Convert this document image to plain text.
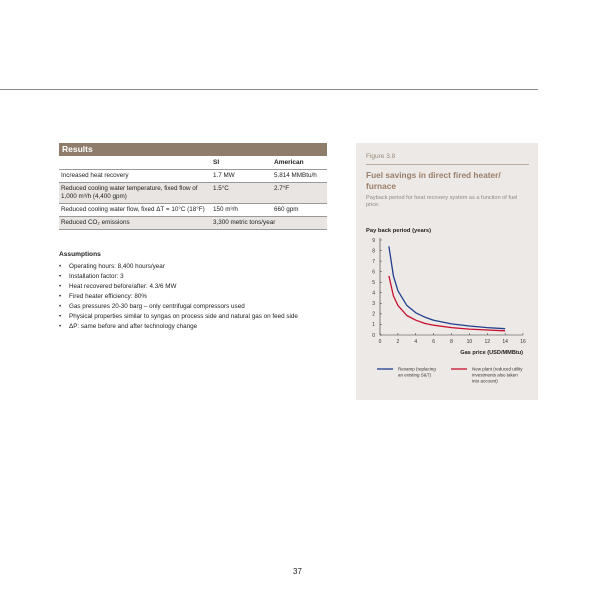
Results
	SI	American
Increased heat recovery	1.7 MW	5.814 MMBtu/h
Reduced cooling water temperature, fixed flow of 1,000 m³/h (4,400 gpm)	1.5°C	2.7°F
Reduced cooling water flow, fixed ΔT = 10°C (18°F)	150 m³/h	660 gpm
Reduced CO₂ emissions	3,300 metric tons/year	
Assumptions
• Operating hours: 8,400 hours/year
• Installation factor: 3
• Heat recovered before/after: 4.3/6 MW
• Fired heater efficiency: 80%
• Gas pressures 20-30 barg – only centrifugal compressors used
• Physical properties similar to syngas on process side and natural gas on feed side
• ΔP: same before and after technology change
Figure 3.8
Fuel savings in direct fired heater/ furnace
Payback period for heat recovery system as a function of fuel price.
Pay back period (years)
0
1
2
3
4
5
6
7
8
9
0	2	4	6	8	10 12 14 16
Gas price (USD/MMBtu)
Revamp (replacing an existing S&T)
New plant (reduced utility investments also taken into account)
37
